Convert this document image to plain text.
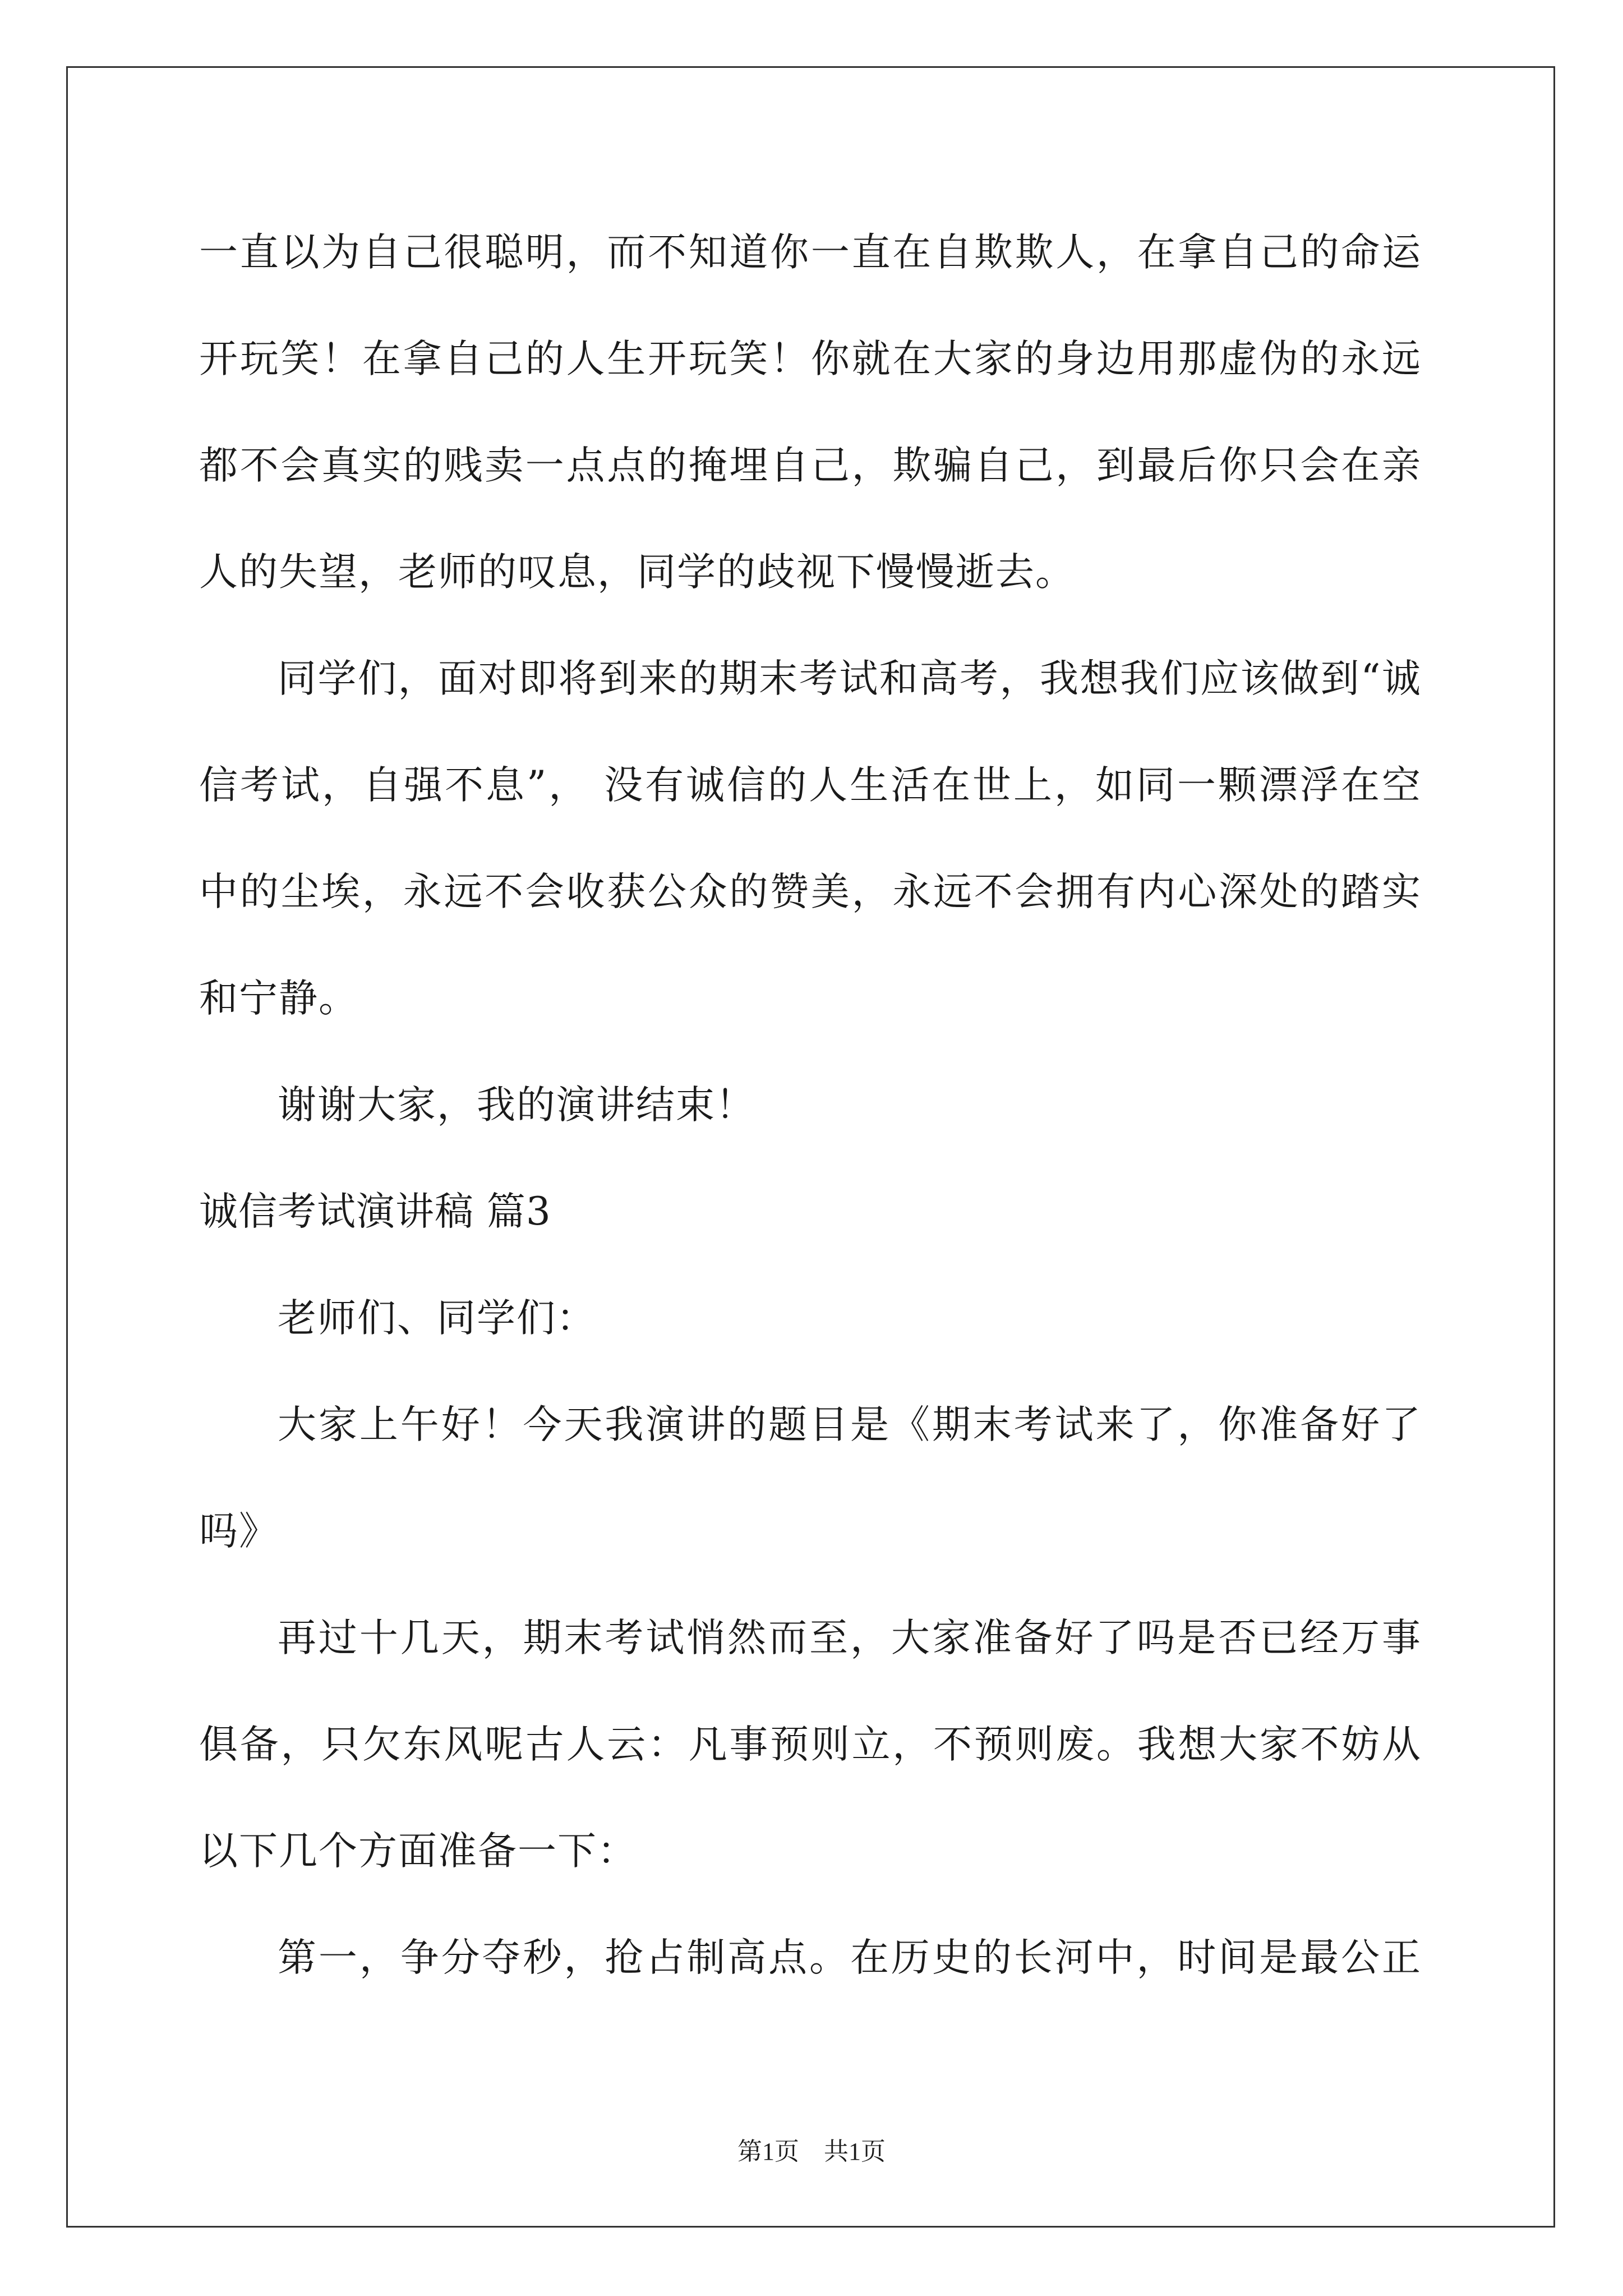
一直以为自己很聪明，而不知道你一直在自欺欺人，在拿自己的命运
开玩笑！在拿自己的人生开玩笑！你就在大家的身边用那虚伪的永远
都不会真实的贱卖一点点的掩埋自己，欺骗自己，到最后你只会在亲
人的失望，老师的叹息，同学的歧视下慢慢逝去。
同学们，面对即将到来的期末考试和高考，我想我们应该做到“诚
信考试，自强不息”， 没有诚信的人生活在世上，如同一颗漂浮在空
中的尘埃，永远不会收获公众的赞美，永远不会拥有内心深处的踏实
和宁静。
谢谢大家，我的演讲结束！
诚信考试演讲稿 篇3
老师们、同学们：
大家上午好！今天我演讲的题目是《期末考试来了，你准备好了
吗》
再过十几天，期末考试悄然而至，大家准备好了吗是否已经万事
俱备，只欠东风呢古人云：凡事预则立，不预则废。我想大家不妨从
以下几个方面准备一下：
第一，争分夺秒，抢占制高点。在历史的长河中，时间是最公正
第1页 共1页
